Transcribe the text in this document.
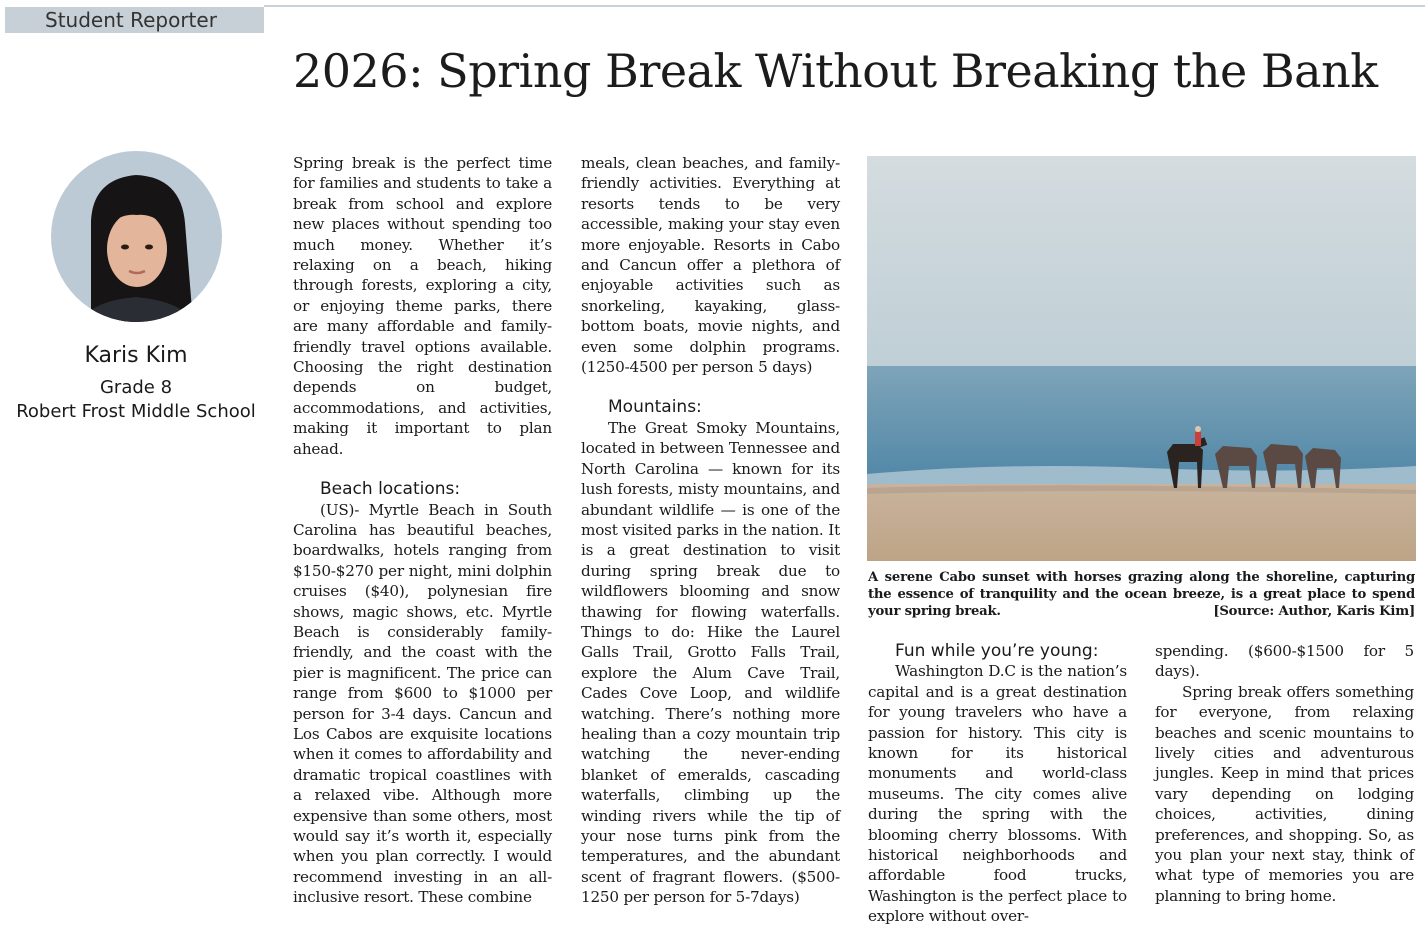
Student Reporter
2026: Spring Break Without Breaking the Bank
Karis Kim
Grade 8
Robert Frost Middle School

Spring break is the perfect time for families and students to take a break from school and explore new places without spending too much money. Whether it’s relaxing on a beach, hiking through forests, exploring a city, or enjoying theme parks, there are many affordable and family-friendly travel options available. Choosing the right destination depends on budget, accommodations, and activities, making it important to plan ahead.

Beach locations:

(US)- Myrtle Beach in South Carolina has beautiful beaches, boardwalks, hotels ranging from $150-$270 per night, mini dolphin cruises ($40), polynesian fire shows, magic shows, etc. Myrtle Beach is considerably family-friendly, and the coast with the pier is magnificent. The price can range from $600 to $1000 per person for 3-4 days. Cancun and Los Cabos are exquisite locations when it comes to affordability and dramatic tropical coastlines with a relaxed vibe. Although more expensive than some others, most would say it’s worth it, especially when you plan correctly. I would recommend investing in an all-inclusive resort. These combine

meals, clean beaches, and family-friendly activities. Everything at resorts tends to be very accessible, making your stay even more enjoyable. Resorts in Cabo and Cancun offer a plethora of enjoyable activities such as snorkeling, kayaking, glass-bottom boats, movie nights, and even some dolphin programs. (1250-4500 per person 5 days)

Mountains:

The Great Smoky Mountains, located in between Tennessee and North Carolina — known for its lush forests, misty mountains, and abundant wildlife — is one of the most visited parks in the nation. It is a great destination to visit during spring break due to wildflowers blooming and snow thawing for flowing waterfalls. Things to do: Hike the Laurel Galls Trail, Grotto Falls Trail, explore the Alum Cave Trail, Cades Cove Loop, and wildlife watching. There’s nothing more healing than a cozy mountain trip watching the never-ending blanket of emeralds, cascading waterfalls, climbing up the winding rivers while the tip of your nose turns pink from the temperatures, and the abundant scent of fragrant flowers. ($500-1250 per person for 5-7days)

A serene Cabo sunset with horses grazing along the shoreline, capturing the essence of tranquility and the ocean breeze, is a great place to spend your spring break.	[Source: Author, Karis Kim]

Fun while you’re young:

Washington D.C is the nation’s capital and is a great destination for young travelers who have a passion for history. This city is known for its historical monuments and world-class museums. The city comes alive during the spring with the blooming cherry blossoms. With historical neighborhoods and affordable food trucks, Washington is the perfect place to explore without over-

spending. ($600-$1500 for 5 days).

Spring break offers something for everyone, from relaxing beaches and scenic mountains to lively cities and adventurous jungles. Keep in mind that prices vary depending on lodging choices, activities, dining preferences, and shopping. So, as you plan your next stay, think of what type of memories you are planning to bring home.
